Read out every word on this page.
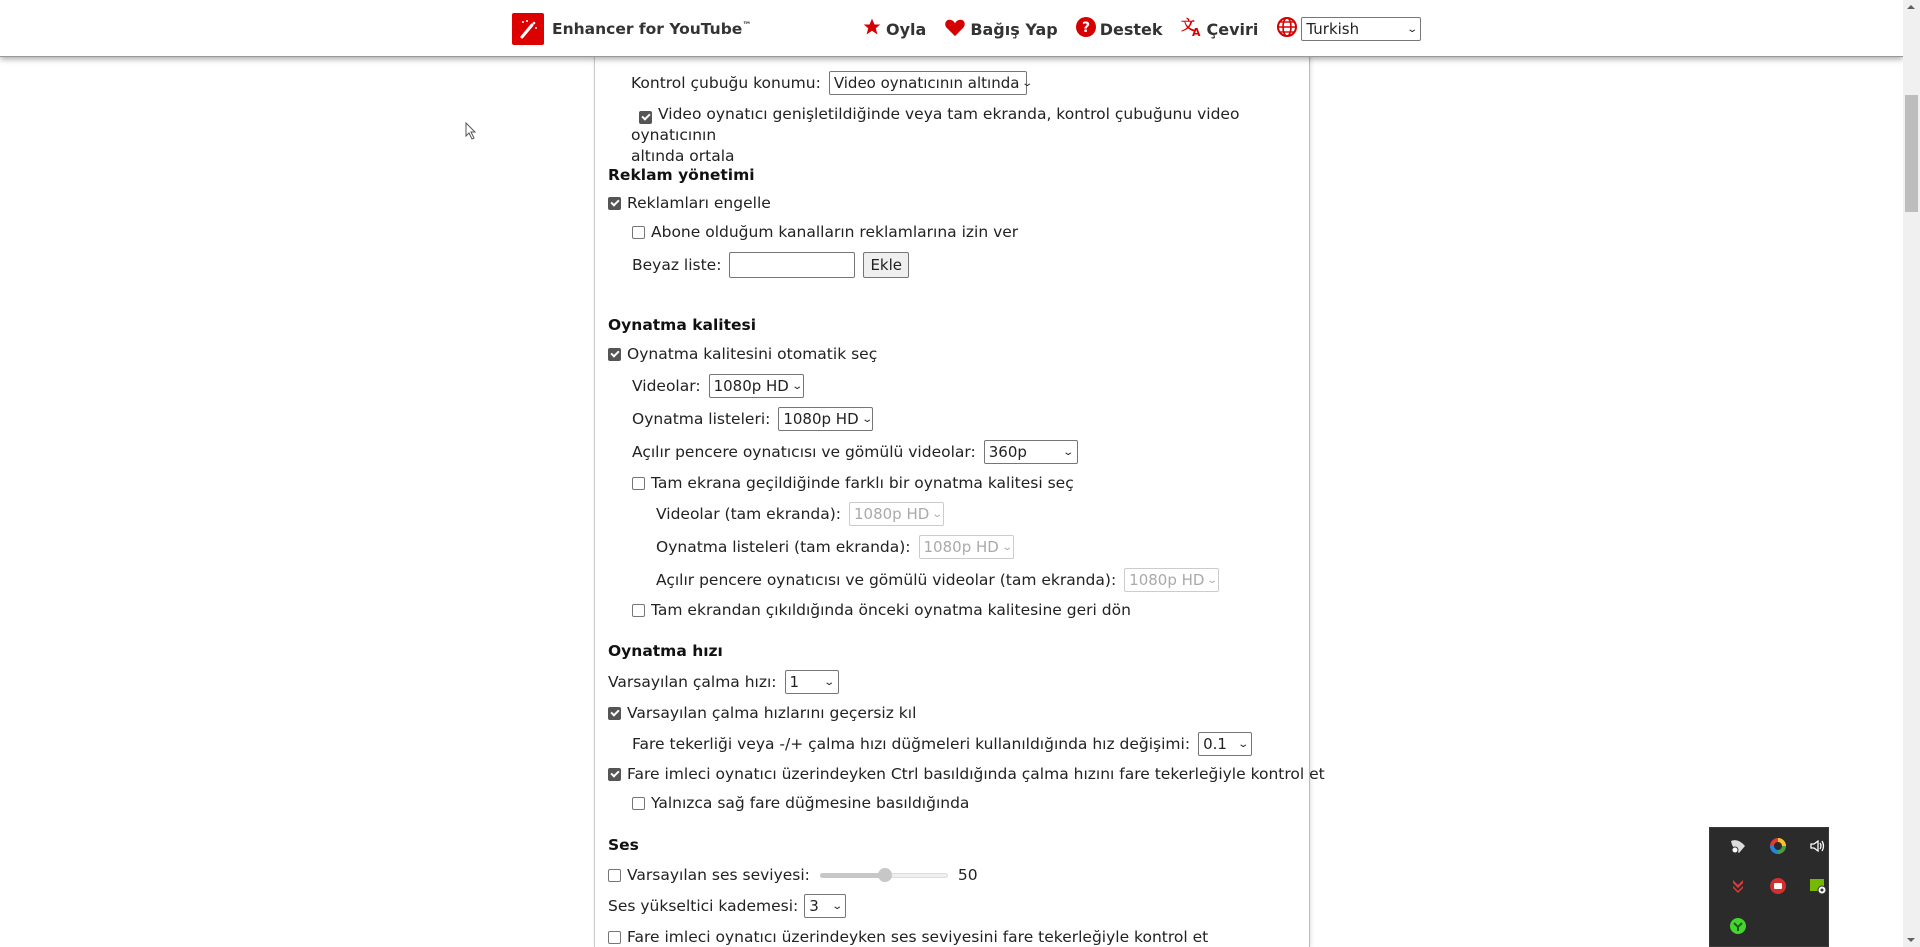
Enhancer for YouTube™	Oyla	Bağış Yap ? Destek 文
A Çeviri	Turkish	⌄
Kontrol çubuğu konumu: Video oynatıcının altında ⌄
Video oynatıcı genişletildiğinde veya tam ekranda, kontrol çubuğunu video oynatıcının
altında ortala
Reklam yönetimi
Reklamları engelle
Abone olduğum kanalların reklamlarına izin ver
Beyaz liste:	Ekle
Oynatma kalitesi
Oynatma kalitesini otomatik seç
Videolar: 1080p HD ⌄
Oynatma listeleri: 1080p HD ⌄
Açılır pencere oynatıcısı ve gömülü videolar: 360p	⌄
Tam ekrana geçildiğinde farklı bir oynatma kalitesi seç
Videolar (tam ekranda): 1080p HD ⌄
Oynatma listeleri (tam ekranda): 1080p HD ⌄
Açılır pencere oynatıcısı ve gömülü videolar (tam ekranda): 1080p HD ⌄
Tam ekrandan çıkıldığında önceki oynatma kalitesine geri dön
Oynatma hızı
Varsayılan çalma hızı: 1 ⌄
Varsayılan çalma hızlarını geçersiz kıl
Fare tekerliği veya -/+ çalma hızı düğmeleri kullanıldığında hız değişimi: 0.1 ⌄
Fare imleci oynatıcı üzerindeyken Ctrl basıldığında çalma hızını fare tekerleğiyle kontrol et
Yalnızca sağ fare düğmesine basıldığında
Ses
Varsayılan ses seviyesi:	50
Ses yükseltici kademesi: 3 ⌄
Fare imleci oynatıcı üzerindeyken ses seviyesini fare tekerleğiyle kontrol et
